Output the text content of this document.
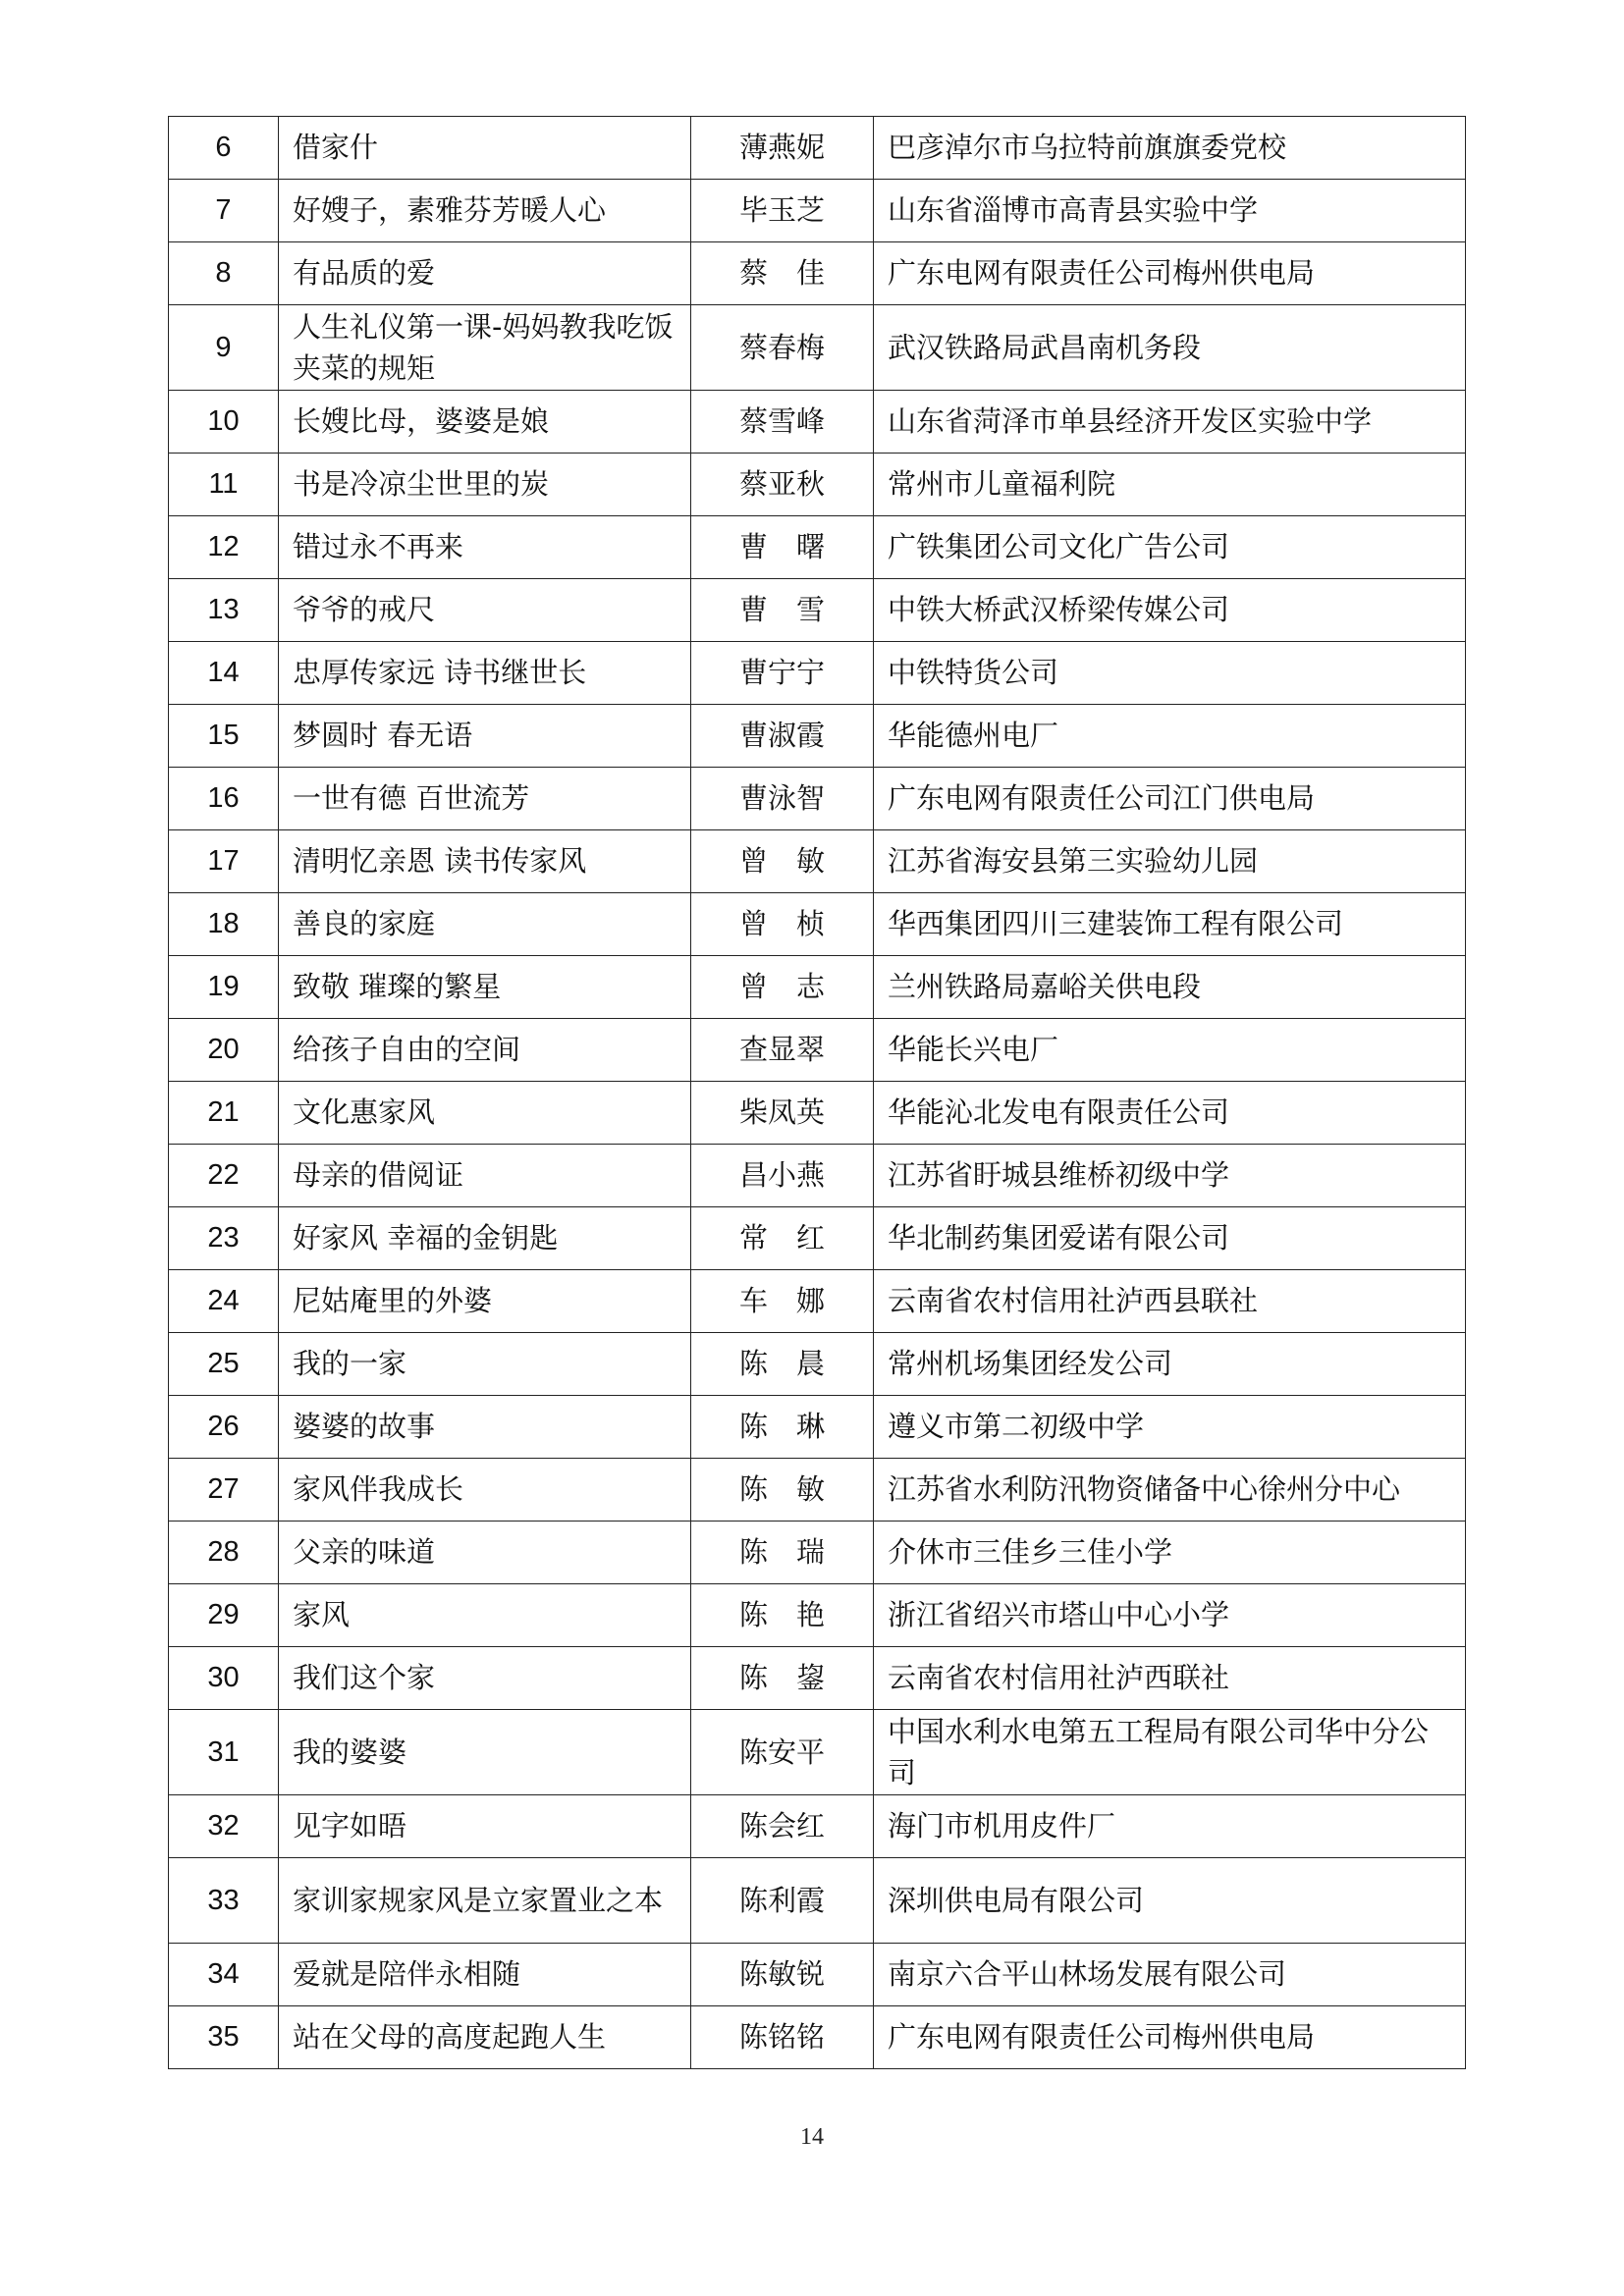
6	借家什	薄燕妮	巴彦淖尔市乌拉特前旗旗委党校
7	好嫂子，素雅芬芳暖人心	毕玉芝	山东省淄博市高青县实验中学
8	有品质的爱	蔡　佳	广东电网有限责任公司梅州供电局
9	人生礼仪第一课-妈妈教我吃饭夹菜的规矩	蔡春梅	武汉铁路局武昌南机务段
10	长嫂比母，婆婆是娘	蔡雪峰	山东省菏泽市单县经济开发区实验中学
11	书是冷凉尘世里的炭	蔡亚秋	常州市儿童福利院
12	错过永不再来	曹　曙	广铁集团公司文化广告公司
13	爷爷的戒尺	曹　雪	中铁大桥武汉桥梁传媒公司
14	忠厚传家远 诗书继世长	曹宁宁	中铁特货公司
15	梦圆时 春无语	曹淑霞	华能德州电厂
16	一世有德 百世流芳	曹泳智	广东电网有限责任公司江门供电局
17	清明忆亲恩 读书传家风	曾　敏	江苏省海安县第三实验幼儿园
18	善良的家庭	曾　桢	华西集团四川三建装饰工程有限公司
19	致敬 璀璨的繁星	曾　志	兰州铁路局嘉峪关供电段
20	给孩子自由的空间	查显翠	华能长兴电厂
21	文化惠家风	柴凤英	华能沁北发电有限责任公司
22	母亲的借阅证	昌小燕	江苏省盱城县维桥初级中学
23	好家风 幸福的金钥匙	常　红	华北制药集团爱诺有限公司
24	尼姑庵里的外婆	车　娜	云南省农村信用社泸西县联社
25	我的一家	陈　晨	常州机场集团经发公司
26	婆婆的故事	陈　琳	遵义市第二初级中学
27	家风伴我成长	陈　敏	江苏省水利防汛物资储备中心徐州分中心
28	父亲的味道	陈　瑞	介休市三佳乡三佳小学
29	家风	陈　艳	浙江省绍兴市塔山中心小学
30	我们这个家	陈　鋆	云南省农村信用社泸西联社
31	我的婆婆	陈安平	中国水利水电第五工程局有限公司华中分公司
32	见字如晤	陈会红	海门市机用皮件厂
33	家训家规家风是立家置业之本	陈利霞	深圳供电局有限公司
34	爱就是陪伴永相随	陈敏锐	南京六合平山林场发展有限公司
35	站在父母的高度起跑人生	陈铭铭	广东电网有限责任公司梅州供电局
14
